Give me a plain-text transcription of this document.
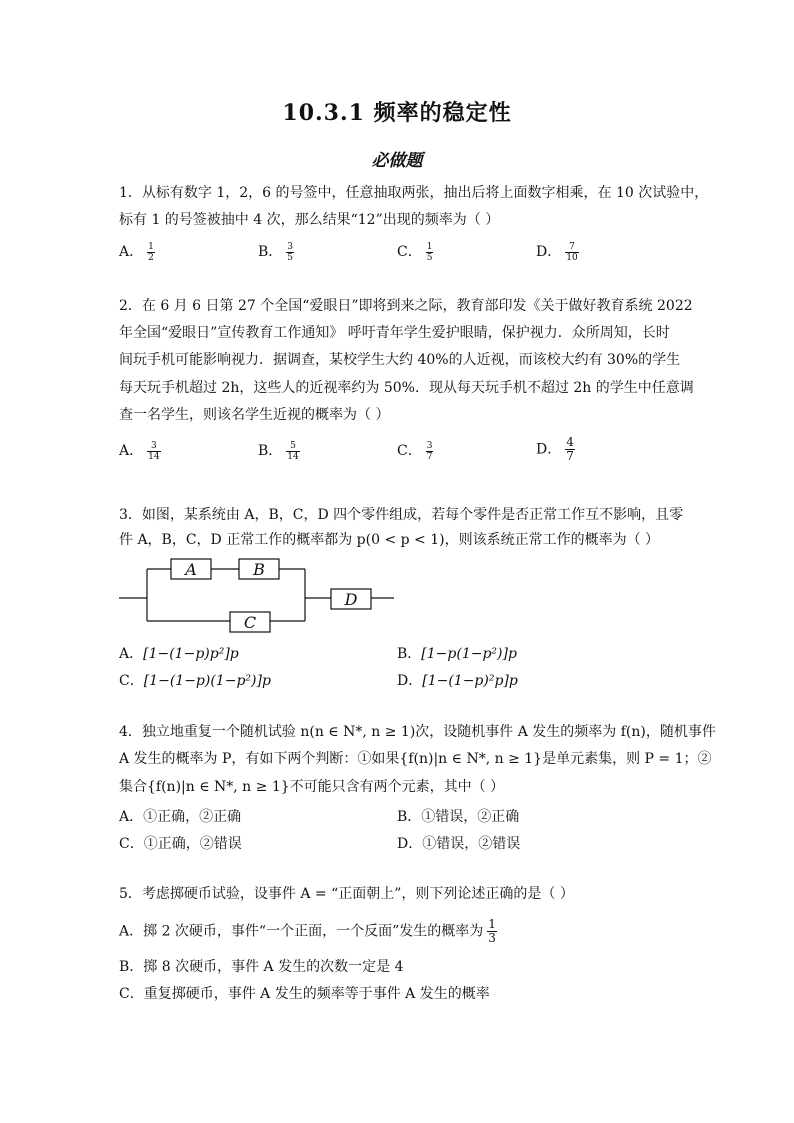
10.3.1 频率的稳定性
必做题
1．从标有数字 1，2，6 的号签中，任意抽取两张，抽出后将上面数字相乘，在 10 次试验中，
标有 1 的号签被抽中 4 次，那么结果“12”出现的频率为（ ）
A． $\frac{1}{2}$	B． $\frac{3}{5}$	C． $\frac{1}{5}$	D． $\frac{7}{10}$
2．在 6 月 6 日第 27 个全国“爱眼日”即将到来之际，教育部印发《关于做好教育系统 2022
年全国“爱眼日”宣传教育工作通知》 呼吁青年学生爱护眼睛，保护视力．众所周知，长时
间玩手机可能影响视力．据调查，某校学生大约 40%的人近视，而该校大约有 30%的学生
每天玩手机超过 2h，这些人的近视率约为 50%．现从每天玩手机不超过 2h 的学生中任意调
查一名学生，则该名学生近视的概率为（ ）
A． $\frac{3}{14}$	B． $\frac{5}{14}$	C． $\frac{3}{7}$	D． $\frac{4}{7}$
3．如图，某系统由 A，B，C，D 四个零件组成，若每个零件是否正常工作互不影响，且零
件 A，B，C，D 正常工作的概率都为 p(0 < p < 1)，则该系统正常工作的概率为（ ）
A	B
C
D
A．[1−(1−p)p²]p	B．[1−p(1−p²)]p
C．[1−(1−p)(1−p²)]p	D．[1−(1−p)²p]p
4．独立地重复一个随机试验 n(n ∈ N*, n ≥ 1)次，设随机事件 A 发生的频率为 f(n)，随机事件
A 发生的概率为 P，有如下两个判断：①如果{f(n)|n ∈ N*, n ≥ 1}是单元素集，则 P = 1；②
集合{f(n)|n ∈ N*, n ≥ 1}不可能只含有两个元素，其中（ ）
A．①正确，②正确	B．①错误，②正确
C．①正确，②错误	D．①错误，②错误
5．考虑掷硬币试验，设事件 A = “正面朝上”，则下列论述正确的是（ ）
A．掷 2 次硬币，事件“一个正面，一个反面”发生的概率为 $\frac{1}{3}$
B．掷 8 次硬币，事件 A 发生的次数一定是 4
C．重复掷硬币，事件 A 发生的频率等于事件 A 发生的概率
